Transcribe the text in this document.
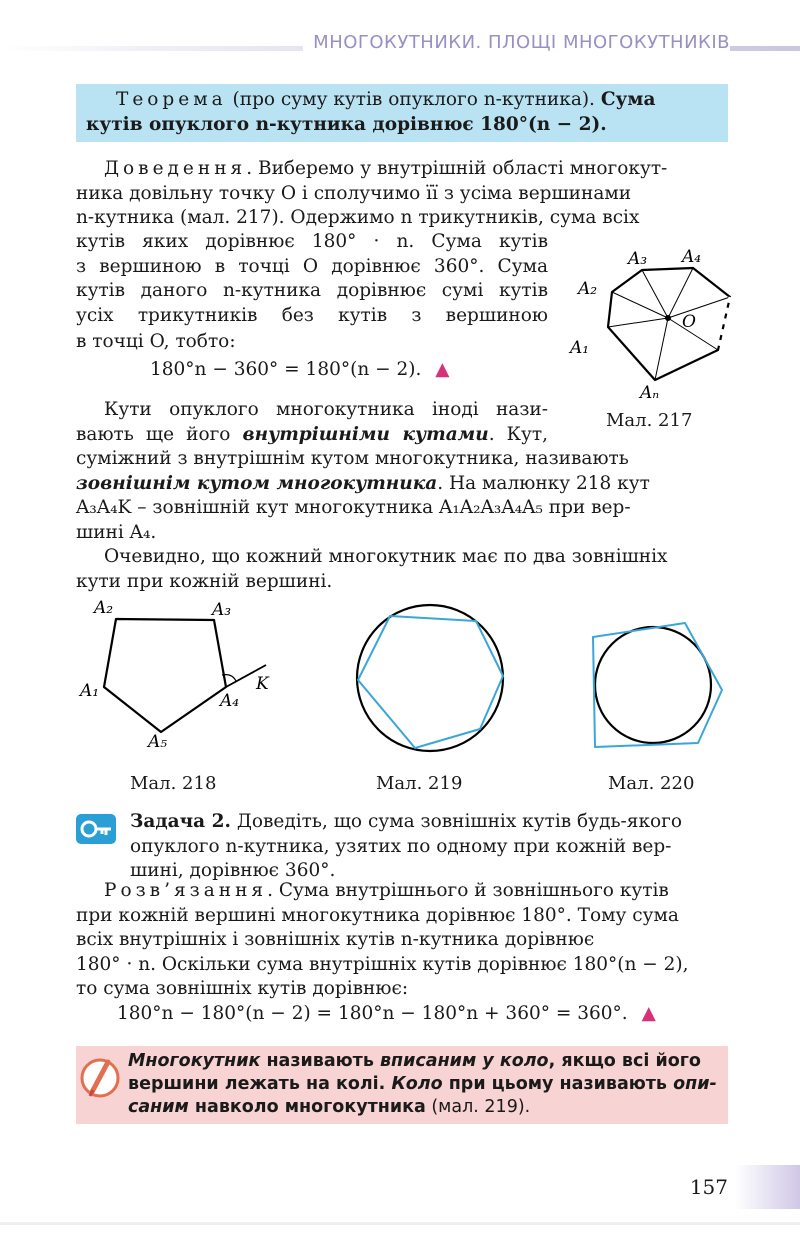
МНОГОКУТНИКИ. ПЛОЩІ МНОГОКУТНИКІВ
Теорема (про суму кутів опуклого n-кутника). Сума
кутів опуклого n-кутника дорівнює 180°(n − 2).
Доведення. Виберемо у внутрішній області многокут-
ника довільну точку O і сполучимо її з усіма вершинами
n-кутника (мал. 217). Одержимо n трикутників, сума всіх
кутів яких дорівнює 180° · n. Сума кутів
з вершиною в точці O дорівнює 360°. Сума
кутів даного n-кутника дорівнює сумі кутів
усіх трикутників без кутів з вершиною
в точці O, тобто:
180°n − 360° = 180°(n − 2). ▲
A₁
A₂
A₃ A₄
Aₙ
O
Мал. 217
Кути опуклого многокутника іноді нази-
вають ще його внутрішніми кутами. Кут,
суміжний з внутрішнім кутом многокутника, називають
зовнішнім кутом многокутника. На малюнку 218 кут
A₃A₄K – зовнішній кут многокутника A₁A₂A₃A₄A₅ при вер-
шині A₄.
Очевидно, що кожний многокутник має по два зовнішніх
кути при кожній вершині.
A₁
A₂	A₃
A₄
A₅
K
Мал. 218	Мал. 219	Мал. 220
Задача 2. Доведіть, що сума зовнішніх кутів будь-якого
опуклого n-кутника, узятих по одному при кожній вер-
шині, дорівнює 360°.
Розв’язання. Сума внутрішнього й зовнішнього кутів
при кожній вершині многокутника дорівнює 180°. Тому сума
всіх внутрішніх і зовнішніх кутів n-кутника дорівнює
180° · n. Оскільки сума внутрішніх кутів дорівнює 180°(n − 2),
то сума зовнішніх кутів дорівнює:
180°n − 180°(n − 2) = 180°n − 180°n + 360° = 360°. ▲
Многокутник називають вписаним у коло, якщо всі його
вершини лежать на колі. Коло при цьому називають опи-
саним навколо многокутника (мал. 219).
157
